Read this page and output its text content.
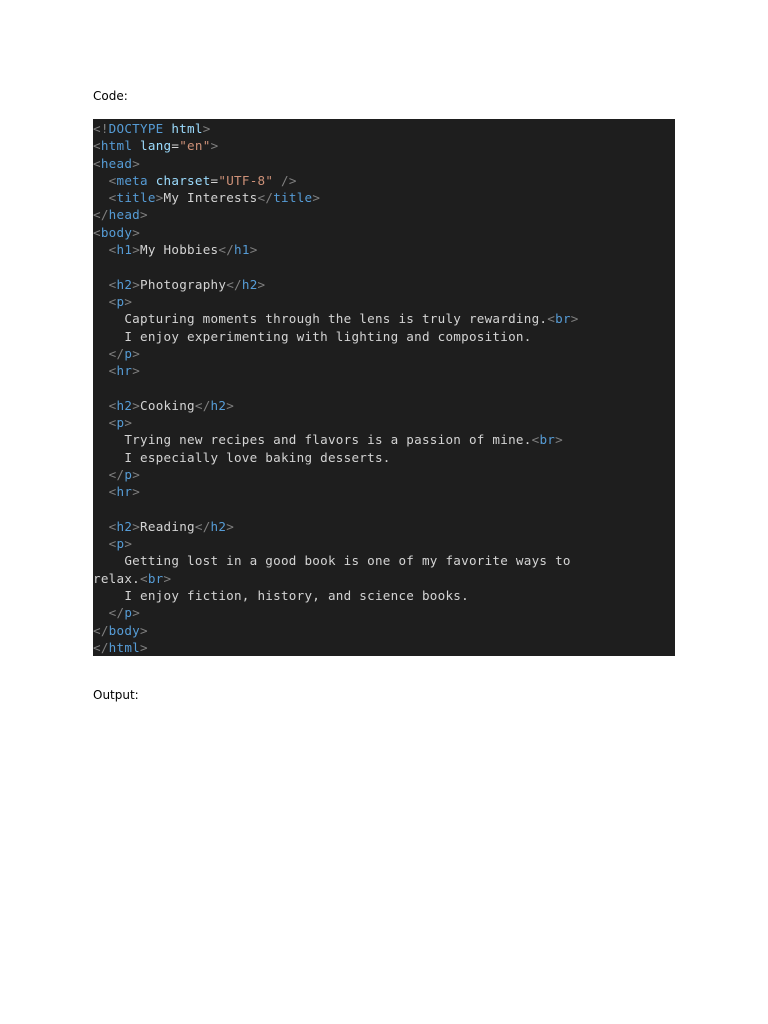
Code:
<!DOCTYPE html>
<html lang="en">
<head>
<meta charset="UTF-8" />
<title>My Interests</title>
</head>
<body>
<h1>My Hobbies</h1>
<h2>Photography</h2>
<p>
Capturing moments through the lens is truly rewarding.<br>
I enjoy experimenting with lighting and composition.
</p>
<hr>
<h2>Cooking</h2>
<p>
Trying new recipes and flavors is a passion of mine.<br>
I especially love baking desserts.
</p>
<hr>
<h2>Reading</h2>
<p>
Getting lost in a good book is one of my favorite ways to
relax.<br>
I enjoy fiction, history, and science books.
</p>
</body>
</html>
Output:
